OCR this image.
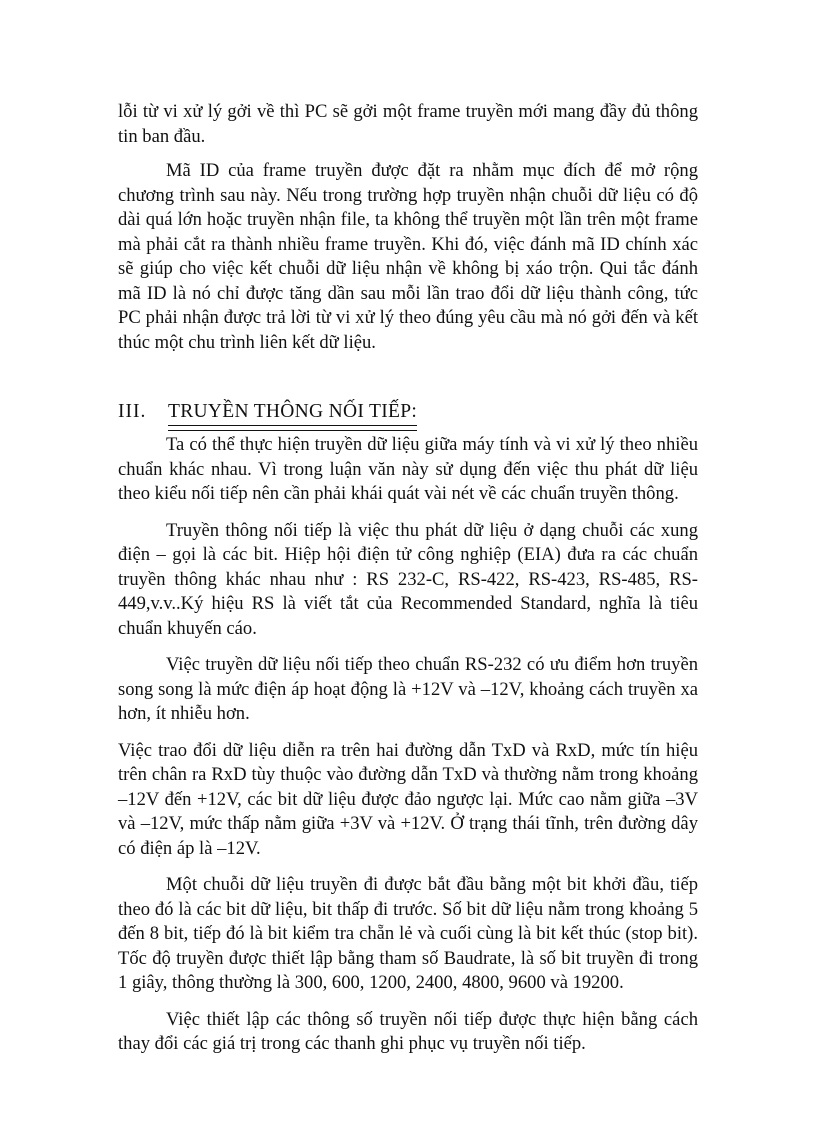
lỗi từ vi xử lý gởi về thì PC sẽ gởi một frame truyền mới mang đầy đủ thông tin ban đầu.

Mã ID của frame truyền được đặt ra nhằm mục đích để mở rộng chương trình sau này. Nếu trong trường hợp truyền nhận chuỗi dữ liệu có độ dài quá lớn hoặc truyền nhận file, ta không thể truyền một lần trên một frame mà phải cắt ra thành nhiều frame truyền. Khi đó, việc đánh mã ID chính xác sẽ giúp cho việc kết chuỗi dữ liệu nhận về không bị xáo trộn. Qui tắc đánh mã ID là nó chỉ được tăng dần sau mỗi lần trao đổi dữ liệu thành công, tức PC phải nhận được trả lời từ vi xử lý theo đúng yêu cầu mà nó gởi đến và kết thúc một chu trình liên kết dữ liệu.

III.	TRUYỀN THÔNG NỐI TIẾP:

Ta có thể thực hiện truyền dữ liệu giữa máy tính và vi xử lý theo nhiều chuẩn khác nhau. Vì trong luận văn này sử dụng đến việc thu phát dữ liệu theo kiểu nối tiếp nên cần phải khái quát vài nét về các chuẩn truyền thông.

Truyền thông nối tiếp là việc thu phát dữ liệu ở dạng chuỗi các xung điện – gọi là các bit. Hiệp hội điện tử công nghiệp (EIA) đưa ra các chuẩn truyền thông khác nhau như : RS 232-C, RS-422, RS-423, RS-485, RS-449,v.v..Ký hiệu RS là viết tắt của Recommended Standard, nghĩa là tiêu chuẩn khuyến cáo.

Việc truyền dữ liệu nối tiếp theo chuẩn RS-232 có ưu điểm hơn truyền song song là mức điện áp hoạt động là +12V và –12V, khoảng cách truyền xa hơn, ít nhiễu hơn.

Việc trao đổi dữ liệu diễn ra trên hai đường dẫn TxD và RxD, mức tín hiệu trên chân ra RxD tùy thuộc vào đường dẫn TxD và thường nằm trong khoảng –12V đến +12V, các bit dữ liệu được đảo ngược lại. Mức cao nằm giữa –3V và –12V, mức thấp nằm giữa +3V và +12V. Ở trạng thái tĩnh, trên đường dây có điện áp là –12V.

Một chuỗi dữ liệu truyền đi được bắt đầu bằng một bit khởi đầu, tiếp theo đó là các bit dữ liệu, bit thấp đi trước. Số bit dữ liệu nằm trong khoảng 5 đến 8 bit, tiếp đó là bit kiểm tra chẵn lẻ và cuối cùng là bit kết thúc (stop bit). Tốc độ truyền được thiết lập bằng tham số Baudrate, là số bit truyền đi trong 1 giây, thông thường là 300, 600, 1200, 2400, 4800, 9600 và 19200.

Việc thiết lập các thông số truyền nối tiếp được thực hiện bằng cách thay đổi các giá trị trong các thanh ghi phục vụ truyền nối tiếp.
